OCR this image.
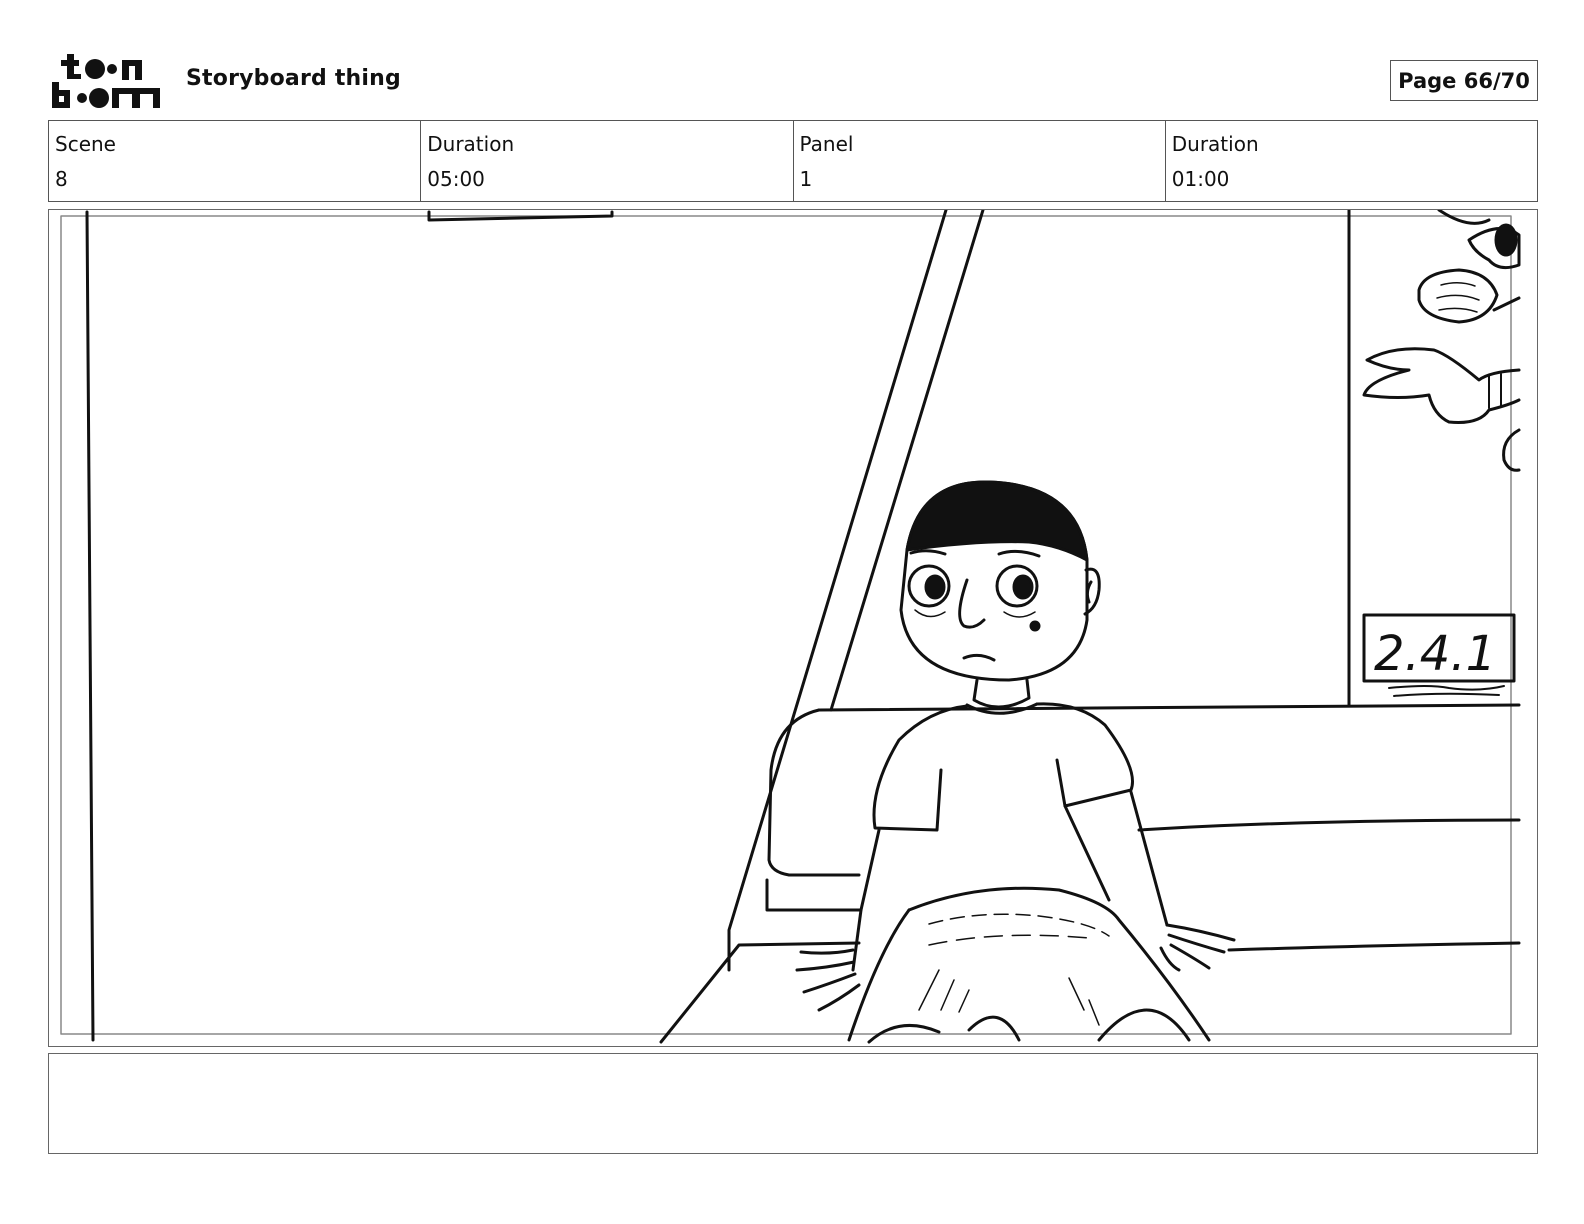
Storyboard thing	Page 66/70
Scene
8
Duration
05:00
Panel
1
Duration
01:00
2.4.1
